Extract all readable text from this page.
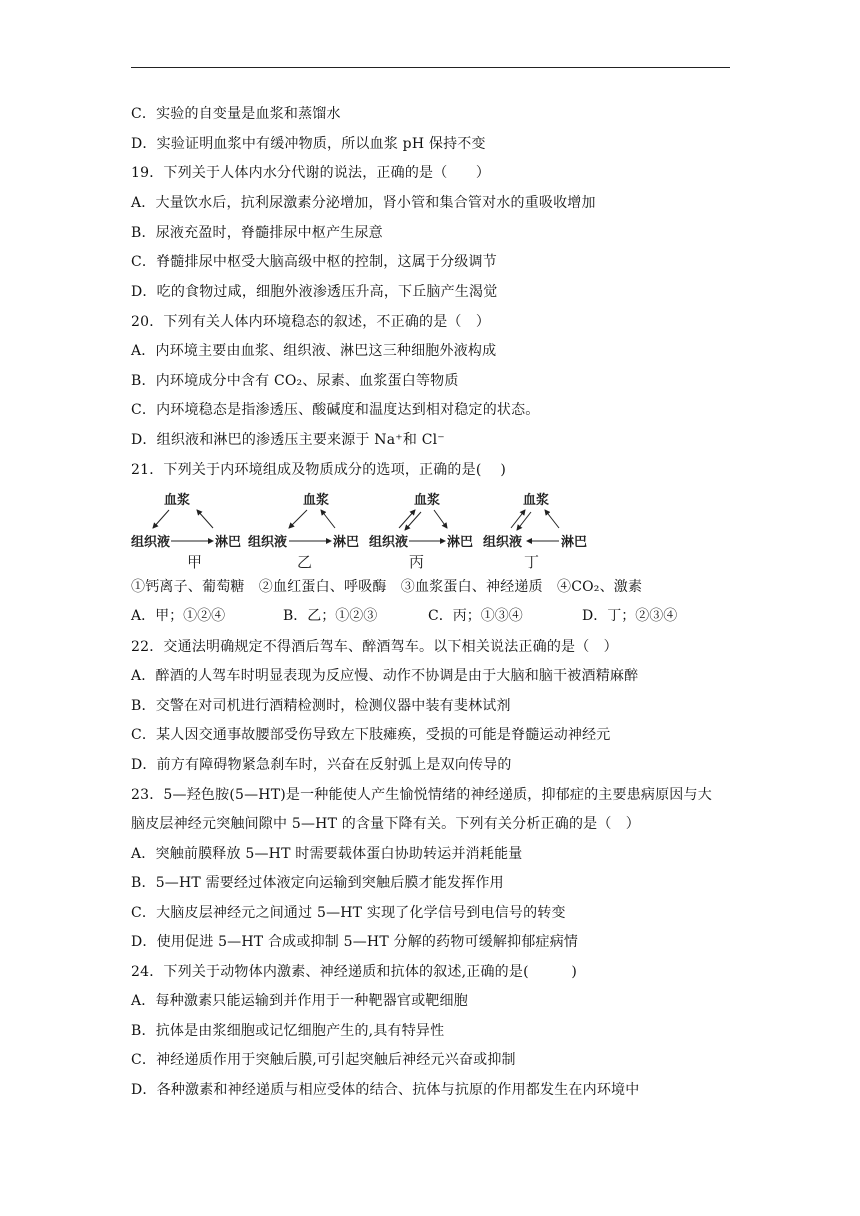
C．实验的自变量是血浆和蒸馏水
D．实验证明血浆中有缓冲物质，所以血浆 pH 保持不变
19．下列关于人体内水分代谢的说法，正确的是（　　）
A．大量饮水后，抗利尿激素分泌增加，肾小管和集合管对水的重吸收增加
B．尿液充盈时，脊髓排尿中枢产生尿意
C．脊髓排尿中枢受大脑高级中枢的控制，这属于分级调节
D．吃的食物过咸，细胞外液渗透压升高，下丘脑产生渴觉
20．下列有关人体内环境稳态的叙述，不正确的是（　）
A．内环境主要由血浆、组织液、淋巴这三种细胞外液构成
B．内环境成分中含有 CO₂、尿素、血浆蛋白等物质
C．内环境稳态是指渗透压、酸碱度和温度达到相对稳定的状态。
D．组织液和淋巴的渗透压主要来源于 Na⁺和 Cl⁻
21．下列关于内环境组成及物质成分的选项，正确的是(　 )
血浆
组织液	淋巴
甲
血浆
组织液	淋巴
乙
血浆
组织液	淋巴
丙
血浆
组织液	淋巴
丁
①钙离子、葡萄糖　②血红蛋白、呼吸酶　③血浆蛋白、神经递质　④CO₂、激素
A．甲；①②④	B．乙；①②③	C．丙；①③④	D．丁；②③④
22．交通法明确规定不得酒后驾车、醉酒驾车。以下相关说法正确的是（　）
A．醉酒的人驾车时明显表现为反应慢、动作不协调是由于大脑和脑干被酒精麻醉
B．交警在对司机进行酒精检测时，检测仪器中装有斐林试剂
C．某人因交通事故腰部受伤导致左下肢瘫痪，受损的可能是脊髓运动神经元
D．前方有障碍物紧急刹车时，兴奋在反射弧上是双向传导的
23．5—羟色胺(5—HT)是一种能使人产生愉悦情绪的神经递质，抑郁症的主要患病原因与大
脑皮层神经元突触间隙中 5—HT 的含量下降有关。下列有关分析正确的是（　）
A．突触前膜释放 5—HT 时需要载体蛋白协助转运并消耗能量
B．5—HT 需要经过体液定向运输到突触后膜才能发挥作用
C．大脑皮层神经元之间通过 5—HT 实现了化学信号到电信号的转变
D．使用促进 5—HT 合成或抑制 5—HT 分解的药物可缓解抑郁症病情
24．下列关于动物体内激素、神经递质和抗体的叙述,正确的是(　　　)
A．每种激素只能运输到并作用于一种靶器官或靶细胞
B．抗体是由浆细胞或记忆细胞产生的,具有特异性
C．神经递质作用于突触后膜,可引起突触后神经元兴奋或抑制
D．各种激素和神经递质与相应受体的结合、抗体与抗原的作用都发生在内环境中
